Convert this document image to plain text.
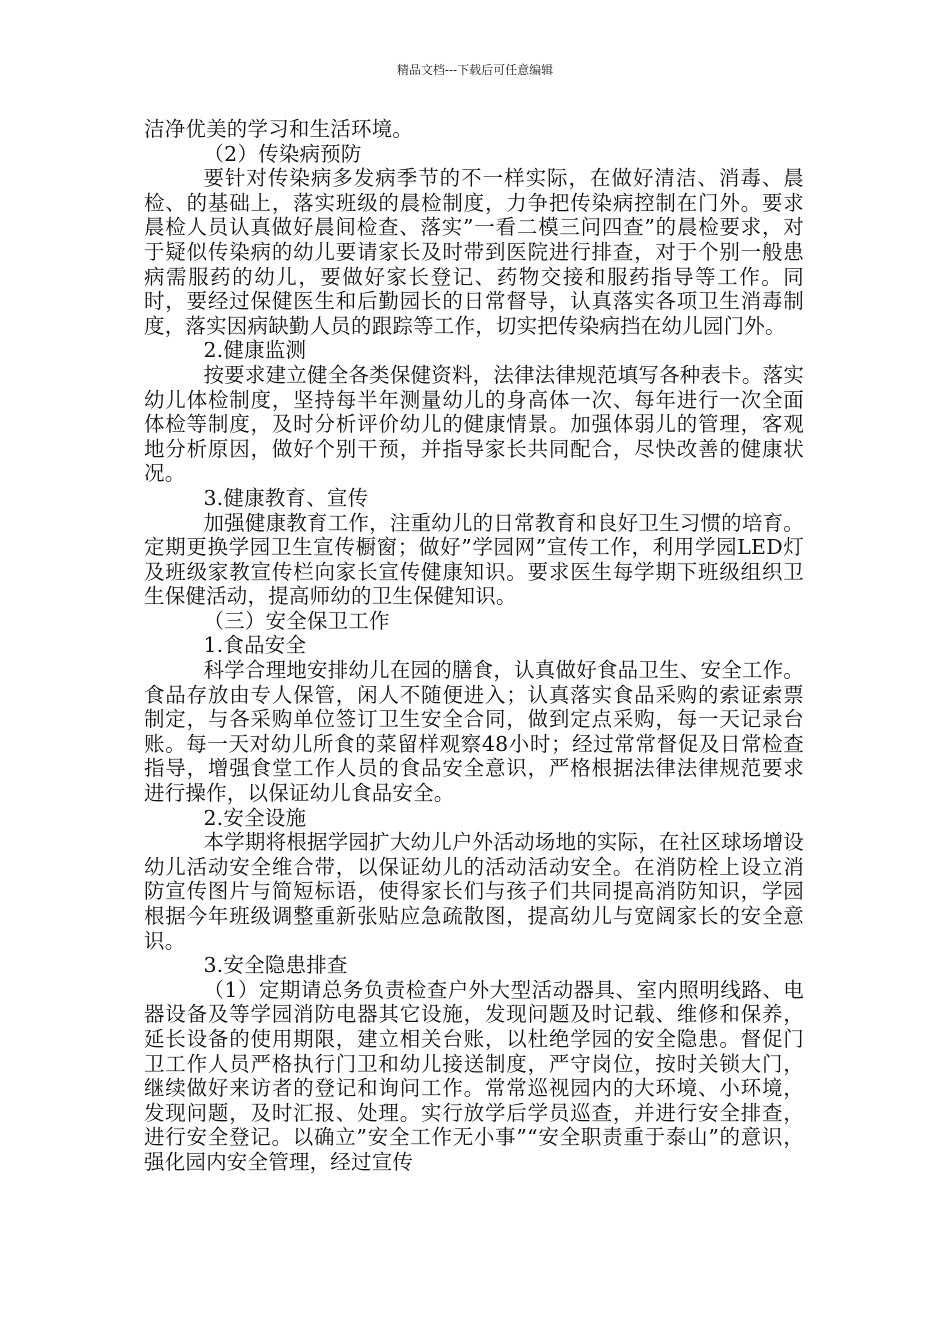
精品文档---下载后可任意编辑

洁净优美的学习和生活环境。

（2）传染病预防

要针对传染病多发病季节的不一样实际，在做好清洁、消毒、晨检、的基础上，落实班级的晨检制度，力争把传染病控制在门外。要求晨检人员认真做好晨间检查、落实”一看二模三问四查”的晨检要求，对于疑似传染病的幼儿要请家长及时带到医院进行排查，对于个别一般患病需服药的幼儿，要做好家长登记、药物交接和服药指导等工作。同时，要经过保健医生和后勤园长的日常督导，认真落实各项卫生消毒制度，落实因病缺勤人员的跟踪等工作，切实把传染病挡在幼儿园门外。

2.健康监测

按要求建立健全各类保健资料，法律法律规范填写各种表卡。落实幼儿体检制度，坚持每半年测量幼儿的身高体一次、每年进行一次全面体检等制度，及时分析评价幼儿的健康情景。加强体弱儿的管理，客观地分析原因，做好个别干预，并指导家长共同配合，尽快改善的健康状况。

3.健康教育、宣传

加强健康教育工作，注重幼儿的日常教育和良好卫生习惯的培育。定期更换学园卫生宣传橱窗；做好”学园网”宣传工作，利用学园LED灯及班级家教宣传栏向家长宣传健康知识。要求医生每学期下班级组织卫生保健活动，提高师幼的卫生保健知识。

（三）安全保卫工作

1.食品安全

科学合理地安排幼儿在园的膳食，认真做好食品卫生、安全工作。食品存放由专人保管，闲人不随便进入；认真落实食品采购的索证索票制定，与各采购单位签订卫生安全合同，做到定点采购，每一天记录台账。每一天对幼儿所食的菜留样观察48小时；经过常常督促及日常检查指导，增强食堂工作人员的食品安全意识，严格根据法律法律规范要求进行操作，以保证幼儿食品安全。

2.安全设施

本学期将根据学园扩大幼儿户外活动场地的实际，在社区球场增设幼儿活动安全维合带，以保证幼儿的活动活动安全。在消防栓上设立消防宣传图片与简短标语，使得家长们与孩子们共同提高消防知识，学园根据今年班级调整重新张贴应急疏散图，提高幼儿与宽阔家长的安全意识。

3.安全隐患排查

（1）定期请总务负责检查户外大型活动器具、室内照明线路、电器设备及等学园消防电器其它设施，发现问题及时记载、维修和保养，延长设备的使用期限，建立相关台账，以杜绝学园的安全隐患。督促门卫工作人员严格执行门卫和幼儿接送制度，严守岗位，按时关锁大门，继续做好来访者的登记和询问工作。常常巡视园内的大环境、小环境，发现问题，及时汇报、处理。实行放学后学员巡查，并进行安全排查，进行安全登记。以确立”安全工作无小事”“安全职责重于泰山”的意识，强化园内安全管理，经过宣传
